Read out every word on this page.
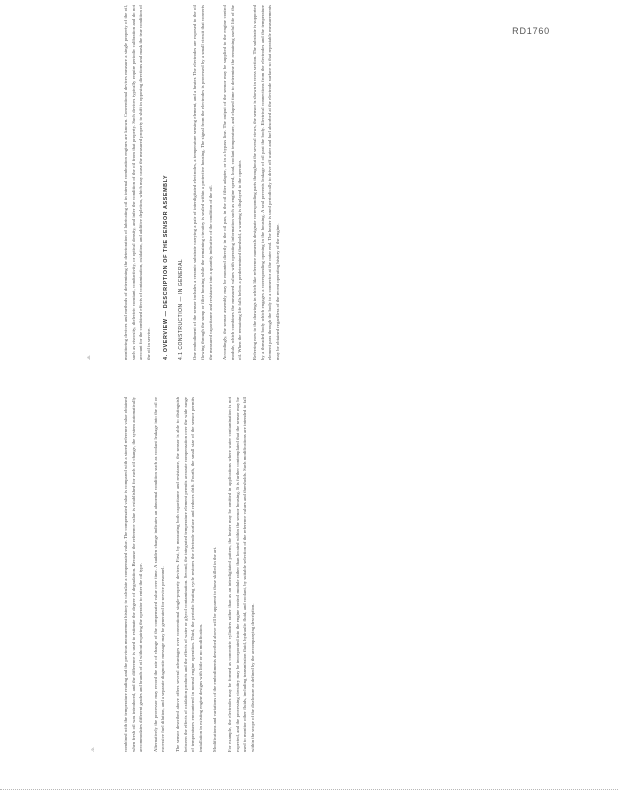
RD1760
-8-
-9-

monitoring devices and methods of determining the deterioration of lubricating oil in internal combustion engines are known. Conventional devices measure a single property of the oil, such as viscosity, dielectric constant, conductivity, or optical density, and infer the condition of the oil from that property. Such devices typically require periodic calibration and do not account for the combined effects of contamination, oxidation, and additive depletion, which may cause the measured property to shift in opposing directions and mask the true condition of the oil in service. 4. OVERVIEW — DESCRIPTION OF THE SENSOR ASSEMBLY 4.1 CONSTRUCTION — IN GENERAL One embodiment of the sensor includes a ceramic substrate carrying a pair of interdigitated electrodes, a temperature sensing element, and a heater. The electrodes are exposed to the oil flowing through the sump or filter housing while the remaining circuitry is sealed within a protective housing. The signal from the electrodes is processed by a small circuit that converts the measured capacitance and resistance into a quantity indicative of the condition of the oil.	Accordingly, the sensor assembly may be mounted directly in the oil pan, in the oil filter adapter, or in a bypass line. The output of the sensor may be supplied to the engine control module, which combines the measured values with operating information such as engine speed, load, coolant temperature, and elapsed time to determine the remaining useful life of the oil. When the remaining life falls below a predetermined threshold, a warning is displayed to the operator.	Referring now to the drawings in which like reference numerals designate corresponding parts throughout the several views, the sensor is shown in cross section. The substrate is supported by a threaded body which engages a corresponding opening in the housing. A seal prevents leakage of oil past the body. Electrical connections from the electrodes and the temperature element pass through the body to a connector at the outer end. The heater is used periodically to drive off water and fuel absorbed at the electrode surface so that repeatable measurements may be obtained regardless of the recent operating history of the engine.

combined with the temperature reading and the previous measurement history to calculate a compensated value. The compensated value is compared with a stored reference value obtained when fresh oil was introduced, and the difference is used to estimate the degree of degradation. Because the reference value is established for each oil change, the system automatically accommodates different grades and brands of oil without requiring the operator to enter the oil type.	Alternatively the processor may record the rate of change of the compensated value over time. A sudden change indicates an abnormal condition such as coolant leakage into the oil or excessive fuel dilution, and a separate diagnostic message may be generated for service personnel.	The sensor described above offers several advantages over conventional single-property devices. First, by measuring both capacitance and resistance, the sensor is able to distinguish between the effects of oxidation products and the effects of water or glycol contamination. Second, the integrated temperature element permits accurate compensation over the wide range of temperatures encountered in normal engine operation. Third, the periodic heating cycle restores the electrode surface and reduces drift. Fourth, the small size of the sensor permits installation in existing engine designs with little or no modification.	Modifications and variations of the embodiments described above will be apparent to those skilled in the art.	For example, the electrodes may be formed as concentric cylinders rather than as an interdigitated pattern, the heater may be omitted in applications where water contamination is not expected, and the processing circuitry may be incorporated into the engine control module rather than located within the sensor housing. It is further contemplated that the sensor may be used to monitor other fluids, including transmission fluid, hydraulic fluid, and coolant, by suitable selection of the reference values and thresholds. Such modifications are intended to fall within the scope of the disclosure as defined by the accompanying description.
